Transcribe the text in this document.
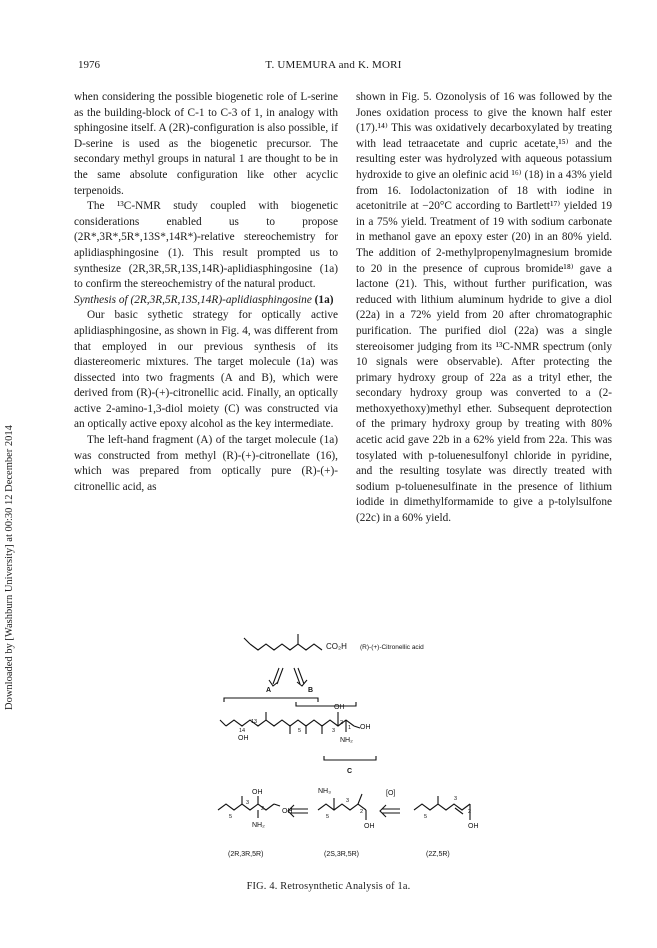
Downloaded by [Washburn University] at 00:30 12 December 2014
1976	T. UMEMURA and K. MORI

when considering the possible biogenetic role of L-serine as the building-block of C-1 to C-3 of 1, in analogy with sphingosine itself. A (2R)-configuration is also possible, if D-serine is used as the biogenetic precursor. The secondary methyl groups in natural 1 are thought to be in the same absolute configuration like other acyclic terpenoids.

The ¹³C-NMR study coupled with biogenetic considerations enabled us to propose (2R*,3R*,5R*,13S*,14R*)-relative stereochemistry for aplidiasphingosine (1). This result prompted us to synthesize (2R,3R,5R,13S,14R)-aplidiasphingosine (1a) to confirm the stereochemistry of the natural product.

Synthesis of (2R,3R,5R,13S,14R)-aplidiasphingosine (1a)

Our basic sythetic strategy for optically active aplidiasphingosine, as shown in Fig. 4, was different from that employed in our previous synthesis of its diastereomeric mixtures. The target molecule (1a) was dissected into two fragments (A and B), which were derived from (R)-(+)-citronellic acid. Finally, an optically active 2-amino-1,3-diol moiety (C) was constructed via an optically active epoxy alcohol as the key intermediate.

The left-hand fragment (A) of the target molecule (1a) was constructed from methyl (R)-(+)-citronellate (16), which was prepared from optically pure (R)-(+)-citronellic acid, as

shown in Fig. 5. Ozonolysis of 16 was followed by the Jones oxidation process to give the known half ester (17).¹⁴⁾ This was oxidatively decarboxylated by treating with lead tetraacetate and cupric acetate,¹⁵⁾ and the resulting ester was hydrolyzed with aqueous potassium hydroxide to give an olefinic acid ¹⁶⁾ (18) in a 43% yield from 16. Iodolactonization of 18 with iodine in acetonitrile at −20°C according to Bartlett¹⁷⁾ yielded 19 in a 75% yield. Treatment of 19 with sodium carbonate in methanol gave an epoxy ester (20) in an 80% yield. The addition of 2-methylpropenylmagnesium bromide to 20 in the presence of cuprous bromide¹⁸⁾ gave a lactone (21). This, without further purification, was reduced with lithium aluminum hydride to give a diol (22a) in a 72% yield from 20 after chromatographic purification. The purified diol (22a) was a single stereoisomer judging from its ¹³C-NMR spectrum (only 10 signals were observable). After protecting the primary hydroxy group of 22a as a trityl ether, the secondary hydroxy group was converted to a (2-methoxyethoxy)methyl ether. Subsequent deprotection of the primary hydroxy group by treating with 80% acetic acid gave 22b in a 62% yield from 22a. This was tosylated with p-toluenesulfonyl chloride in pyridine, and the resulting tosylate was directly treated with sodium p-toluenesulfinate in the presence of lithium iodide in dimethylformamide to give a p-tolylsulfone (22c) in a 60% yield.

CO₂H (R)-(+)-Citronellic acid
A	B
OH
OH
NH₂
OH
14
13
5	3
2
1
C
OH
OH
NH₂
5
3
2
NH₃
OH
5
3
2
[O]
OH
5
3
2
(2R,3R,5R)	(2S,3R,5R)	(2Z,5R)
FIG. 4. Retrosynthetic Analysis of 1a.
